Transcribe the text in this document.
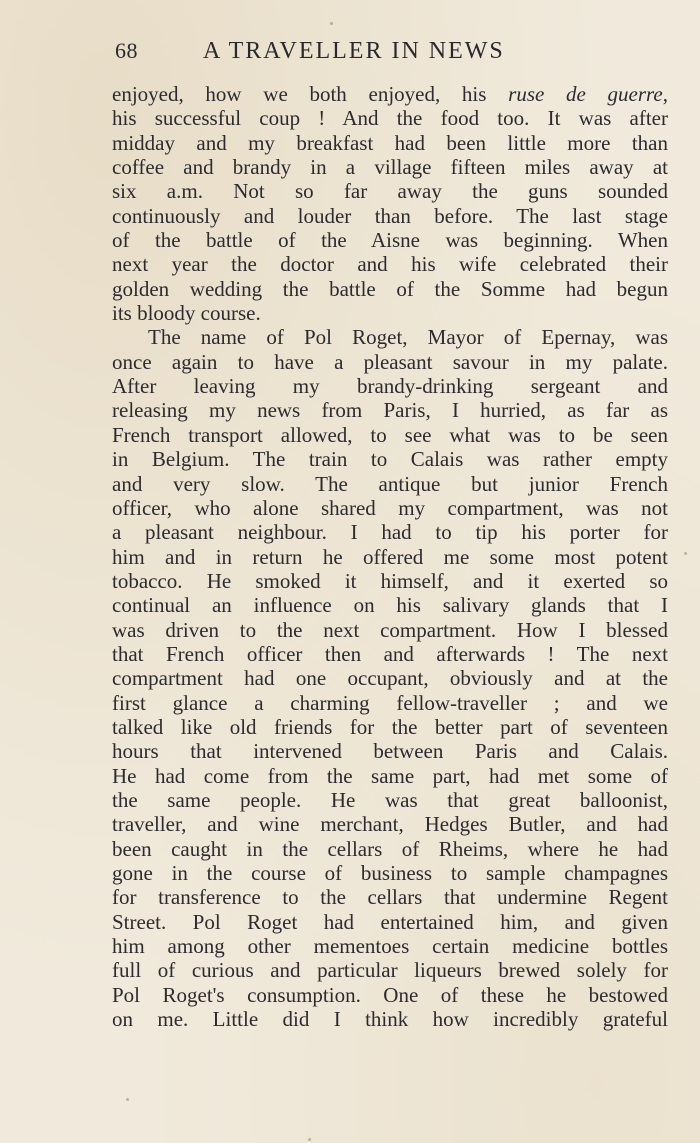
68	A TRAVELLER IN NEWS
enjoyed, how we both enjoyed, his ruse de guerre,
his successful coup ! And the food too. It was after
midday and my breakfast had been little more than
coffee and brandy in a village fifteen miles away at
six a.m. Not so far away the guns sounded
continuously and louder than before. The last stage
of the battle of the Aisne was beginning. When
next year the doctor and his wife celebrated their
golden wedding the battle of the Somme had begun
its bloody course.
The name of Pol Roget, Mayor of Epernay, was
once again to have a pleasant savour in my palate.
After leaving my brandy-drinking sergeant and
releasing my news from Paris, I hurried, as far as
French transport allowed, to see what was to be seen
in Belgium. The train to Calais was rather empty
and very slow. The antique but junior French
officer, who alone shared my compartment, was not
a pleasant neighbour. I had to tip his porter for
him and in return he offered me some most potent
tobacco. He smoked it himself, and it exerted so
continual an influence on his salivary glands that I
was driven to the next compartment. How I blessed
that French officer then and afterwards ! The next
compartment had one occupant, obviously and at the
first glance a charming fellow-traveller ; and we
talked like old friends for the better part of seventeen
hours that intervened between Paris and Calais.
He had come from the same part, had met some of
the same people. He was that great balloonist,
traveller, and wine merchant, Hedges Butler, and had
been caught in the cellars of Rheims, where he had
gone in the course of business to sample champagnes
for transference to the cellars that undermine Regent
Street. Pol Roget had entertained him, and given
him among other mementoes certain medicine bottles
full of curious and particular liqueurs brewed solely for
Pol Roget's consumption. One of these he bestowed
on me. Little did I think how incredibly grateful
